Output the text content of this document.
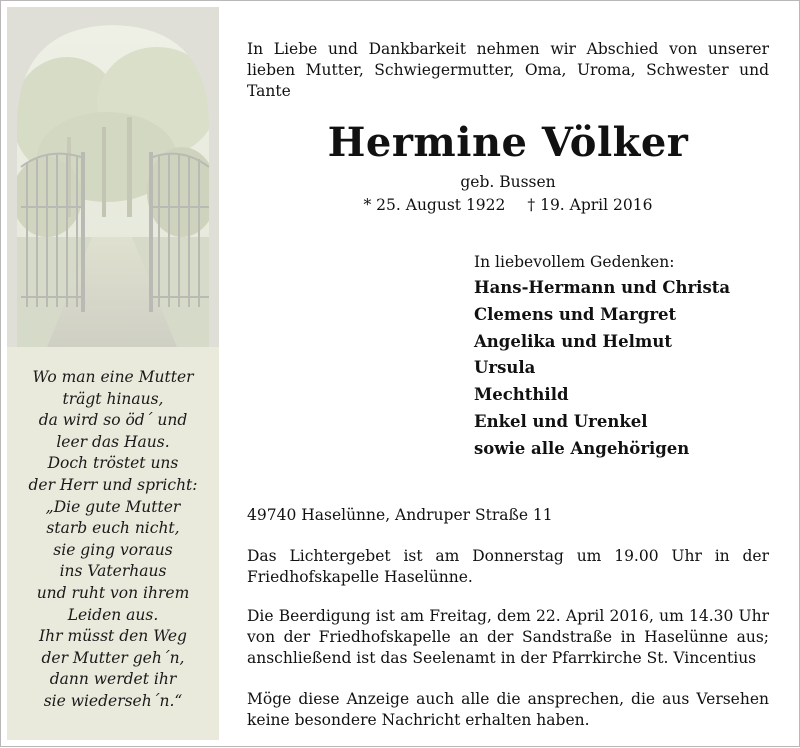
Wo man eine Mutter
trägt hinaus,
da wird so öd´ und
leer das Haus.
Doch tröstet uns
der Herr und spricht:
„Die gute Mutter
starb euch nicht,
sie ging voraus
ins Vaterhaus
und ruht von ihrem
Leiden aus.
Ihr müsst den Weg
der Mutter geh´n,
dann werdet ihr
sie wiederseh´n.“
In Liebe und Dankbarkeit nehmen wir Abschied von unserer
lieben Mutter, Schwiegermutter, Oma, Uroma, Schwester und
Tante
Hermine Völker
geb. Bussen
* 25. August 1922 † 19. April 2016
In liebevollem Gedenken:
Hans-Hermann und Christa
Clemens und Margret
Angelika und Helmut
Ursula
Mechthild
Enkel und Urenkel
sowie alle Angehörigen
49740 Haselünne, Andruper Straße 11
Das Lichtergebet ist am Donnerstag um 19.00 Uhr in der
Friedhofskapelle Haselünne.
Die Beerdigung ist am Freitag, dem 22. April 2016, um 14.30 Uhr
von der Friedhofskapelle an der Sandstraße in Haselünne aus;
anschließend ist das Seelenamt in der Pfarrkirche St. Vincentius
Möge diese Anzeige auch alle die ansprechen, die aus Versehen
keine besondere Nachricht erhalten haben.
